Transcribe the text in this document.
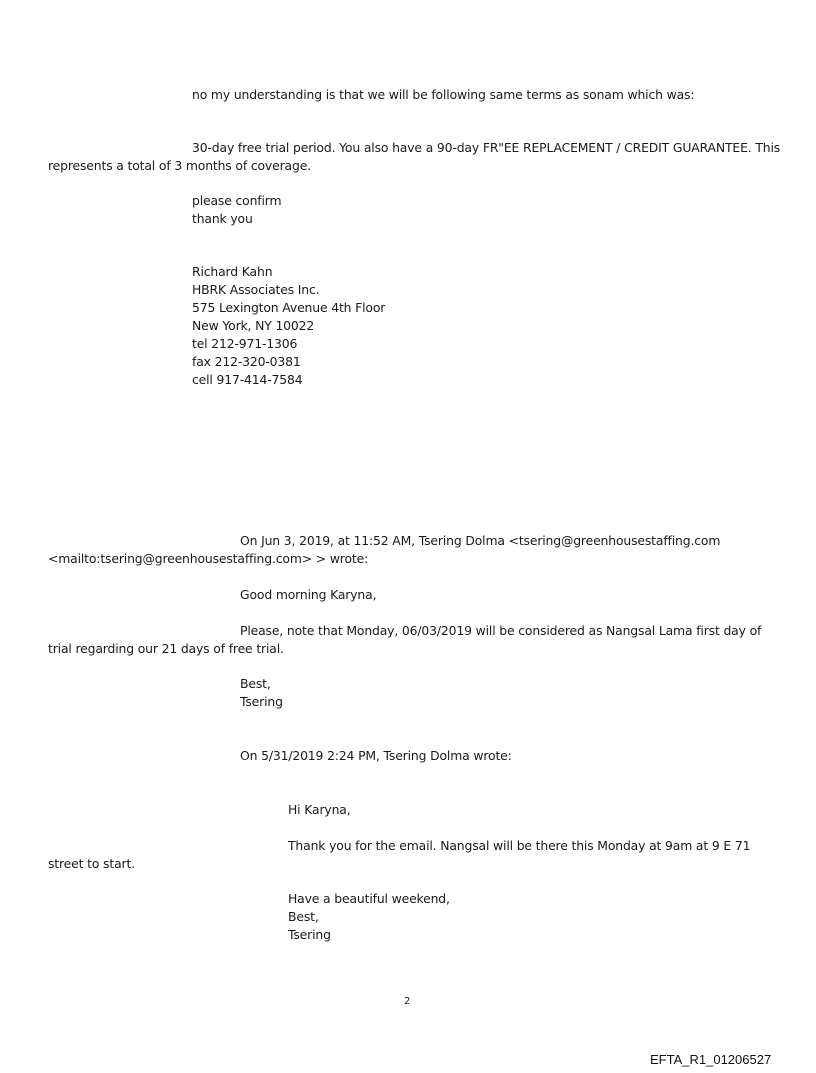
no my understanding is that we will be following same terms as sonam which was:
30-day free trial period. You also have a 90-day FR"EE REPLACEMENT / CREDIT GUARANTEE. This
represents a total of 3 months of coverage.
please confirm
thank you
Richard Kahn
HBRK Associates Inc.
575 Lexington Avenue 4th Floor
New York, NY 10022
tel 212-971-1306
fax 212-320-0381
cell 917-414-7584
On Jun 3, 2019, at 11:52 AM, Tsering Dolma <tsering@greenhousestaffing.com
<mailto:tsering@greenhousestaffing.com> > wrote:
Good morning Karyna,
Please, note that Monday, 06/03/2019 will be considered as Nangsal Lama first day of
trial regarding our 21 days of free trial.
Best,
Tsering
On 5/31/2019 2:24 PM, Tsering Dolma wrote:
Hi Karyna,
Thank you for the email. Nangsal will be there this Monday at 9am at 9 E 71
street to start.
Have a beautiful weekend,
Best,
Tsering
2
EFTA_R1_01206527
